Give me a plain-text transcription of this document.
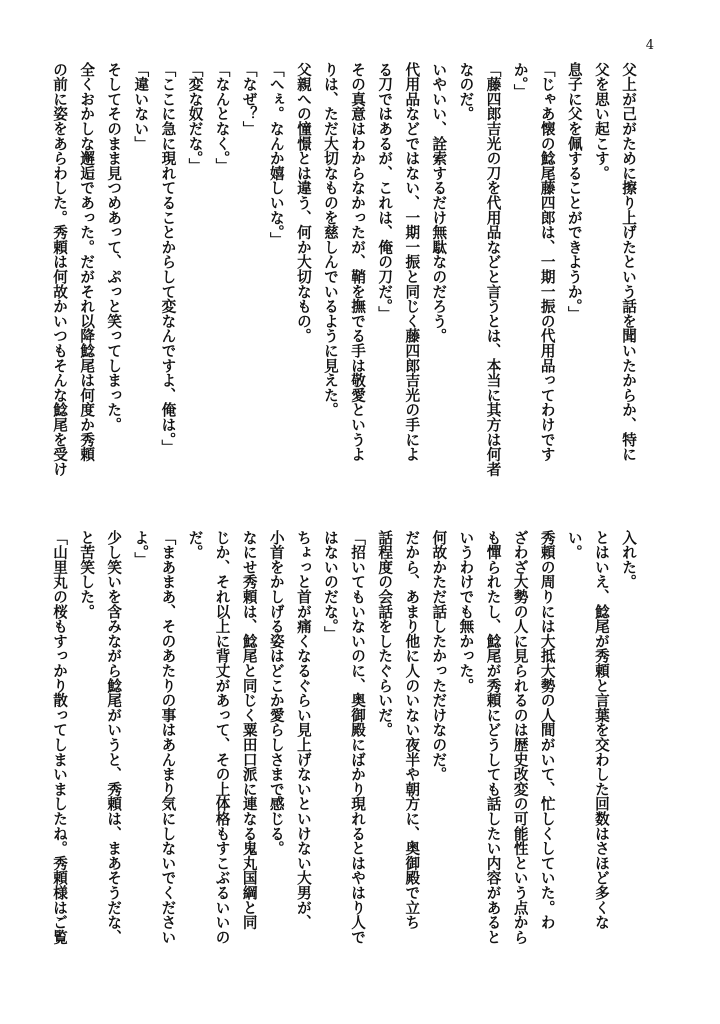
4
父上が己がために擦り上げたという話を聞いたからか、特に
父を思い起こす。
息子に父を佩することができようか。」
「じゃあ懐の鯰尾藤四郎は、一期一振の代用品ってわけです
か。」
「藤四郎吉光の刀を代用品などと言うとは、本当に其方は何者
なのだ。
いやいい、詮索するだけ無駄なのだろう。
代用品などではない、一期一振と同じく藤四郎吉光の手によ
る刀ではあるが、これは、俺の刀だ。」
その真意はわからなかったが、鞘を撫でる手は敬愛というよ
りは、ただ大切なものを慈しんでいるように見えた。
父親への憧憬とは違う、何か大切なもの。
「へぇ。なんか嬉しいな。」
「なぜ？」
「なんとなく。」
「変な奴だな。」
「ここに急に現れてることからして変なんですよ、俺は。」
「違いない」
そしてそのまま見つめあって、ぷっと笑ってしまった。
全くおかしな邂逅であった。だがそれ以降鯰尾は何度か秀頼
の前に姿をあらわした。秀頼は何故かいつもそんな鯰尾を受け
入れた。
とはいえ、鯰尾が秀頼と言葉を交わした回数はさほど多くな
い。
秀頼の周りには大抵大勢の人間がいて、忙しくしていた。わ
ざわざ大勢の人に見られるのは歴史改変の可能性という点から
も憚られたし、鯰尾が秀頼にどうしても話したい内容があると
いうわけでも無かった。
何故かただ話したかっただけなのだ。
だから、あまり他に人のいない夜半や朝方に、奥御殿で立ち
話程度の会話をしたぐらいだ。
「招いてもいないのに、奥御殿にばかり現れるとはやはり人で
はないのだな。」
ちょっと首が痛くなるぐらい見上げないといけない大男が、
小首をかしげる姿はどこか愛らしさまで感じる。
なにせ秀頼は、鯰尾と同じく粟田口派に連なる鬼丸国綱と同
じか、それ以上に背丈があって、その上体格もすこぶるいいの
だ。
「まあまあ、そのあたりの事はあんまり気にしないでください
よ。」
少し笑いを含みながら鯰尾がいうと、秀頼は、まあそうだな、
と苦笑した。
「山里丸の桜もすっかり散ってしまいましたね。秀頼様はご覧
